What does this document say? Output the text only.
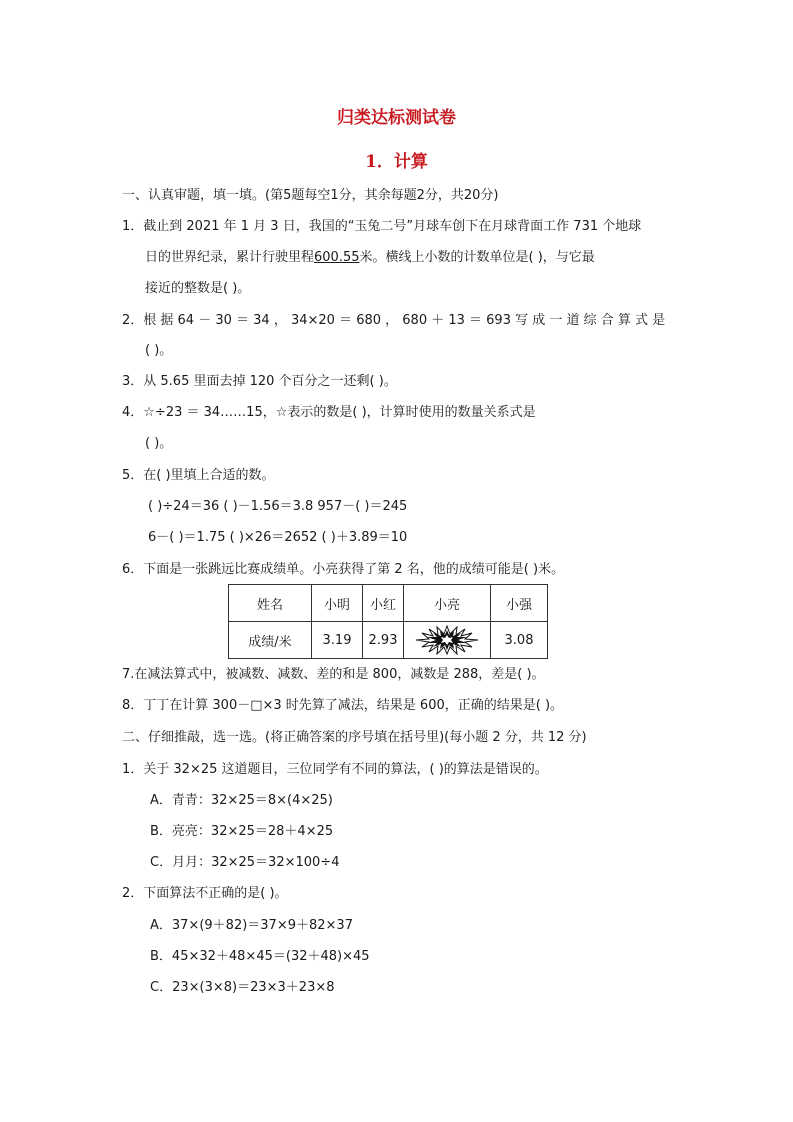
归类达标测试卷
1．计算
一、认真审题，填一填。(第5题每空1分，其余每题2分，共20分)
1．截止到 2021 年 1 月 3 日，我国的“玉兔二号”月球车创下在月球背面工作 731 个地球
日的世界纪录，累计行驶里程600.55米。横线上小数的计数单位是( )，与它最
接近的整数是( )。
2．根 据 64 － 30 ＝ 34 ， 34×20 ＝ 680 ， 680 ＋ 13 ＝ 693 写 成 一 道 综 合 算 式 是
( )。
3．从 5.65 里面去掉 120 个百分之一还剩( )。
4．☆÷23 ＝ 34……15，☆表示的数是( )，计算时使用的数量关系式是
( )。
5．在( )里填上合适的数。
( )÷24＝36 ( )－1.56＝3.8 957－( )＝245
6－( )＝1.75 ( )×26＝2652 ( )＋3.89＝10
6．下面是一张跳远比赛成绩单。小亮获得了第 2 名，他的成绩可能是( )米。
姓名	小明	小红	小亮	小强
成绩/米	3.19	2.93		3.08
7.在减法算式中，被减数、减数、差的和是 800，减数是 288，差是( )。
8．丁丁在计算 300－□×3 时先算了减法，结果是 600，正确的结果是( )。
二、仔细推敲，选一选。(将正确答案的序号填在括号里)(每小题 2 分，共 12 分)
1．关于 32×25 这道题目，三位同学有不同的算法，( )的算法是错误的。
A．青青：32×25＝8×(4×25)
B．亮亮：32×25＝28＋4×25
C．月月：32×25＝32×100÷4
2．下面算法不正确的是( )。
A．37×(9＋82)＝37×9＋82×37
B．45×32＋48×45＝(32＋48)×45
C．23×(3×8)＝23×3＋23×8
